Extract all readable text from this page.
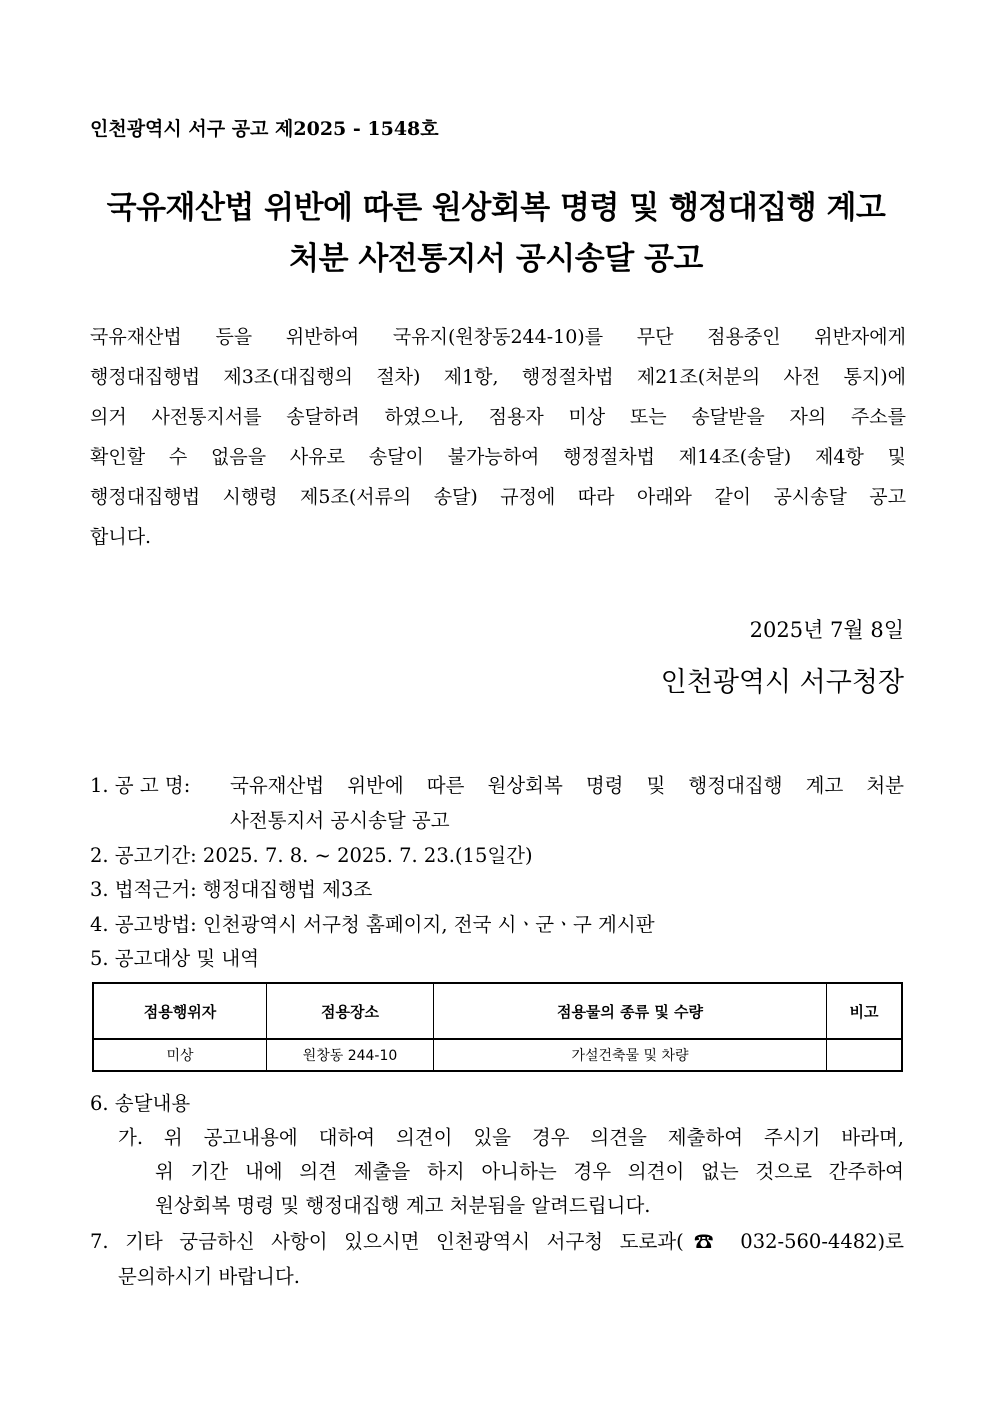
인천광역시 서구 공고 제2025 - 1548호
국유재산법 위반에 따른 원상회복 명령 및 행정대집행 계고
처분 사전통지서 공시송달 공고
국유재산법 등을 위반하여 국유지(원창동244-10)를 무단 점용중인 위반자에게
행정대집행법 제3조(대집행의 절차) 제1항, 행정절차법 제21조(처분의 사전 통지)에
의거 사전통지서를 송달하려 하였으나, 점용자 미상 또는 송달받을 자의 주소를
확인할 수 없음을 사유로 송달이 불가능하여 행정절차법 제14조(송달) 제4항 및
행정대집행법 시행령 제5조(서류의 송달) 규정에 따라 아래와 같이 공시송달 공고
합니다.
2025년 7월 8일
인천광역시 서구청장
1. 공 고 명: 국유재산법 위반에 따른 원상회복 명령 및 행정대집행 계고 처분
사전통지서 공시송달 공고
2. 공고기간: 2025. 7. 8. ~ 2025. 7. 23.(15일간)
3. 법적근거: 행정대집행법 제3조
4. 공고방법: 인천광역시 서구청 홈페이지, 전국 시ㆍ군ㆍ구 게시판
5. 공고대상 및 내역
점용행위자	점용장소	점용물의 종류 및 수량	비고
미상	원창동 244-10	가설건축물 및 차량	
6. 송달내용
가. 위 공고내용에 대하여 의견이 있을 경우 의견을 제출하여 주시기 바라며,
위 기간 내에 의견 제출을 하지 아니하는 경우 의견이 없는 것으로 간주하여
원상회복 명령 및 행정대집행 계고 처분됨을 알려드립니다.
7. 기타 궁금하신 사항이 있으시면 인천광역시 서구청 도로과(☎ 032-560-4482)로
문의하시기 바랍니다.
